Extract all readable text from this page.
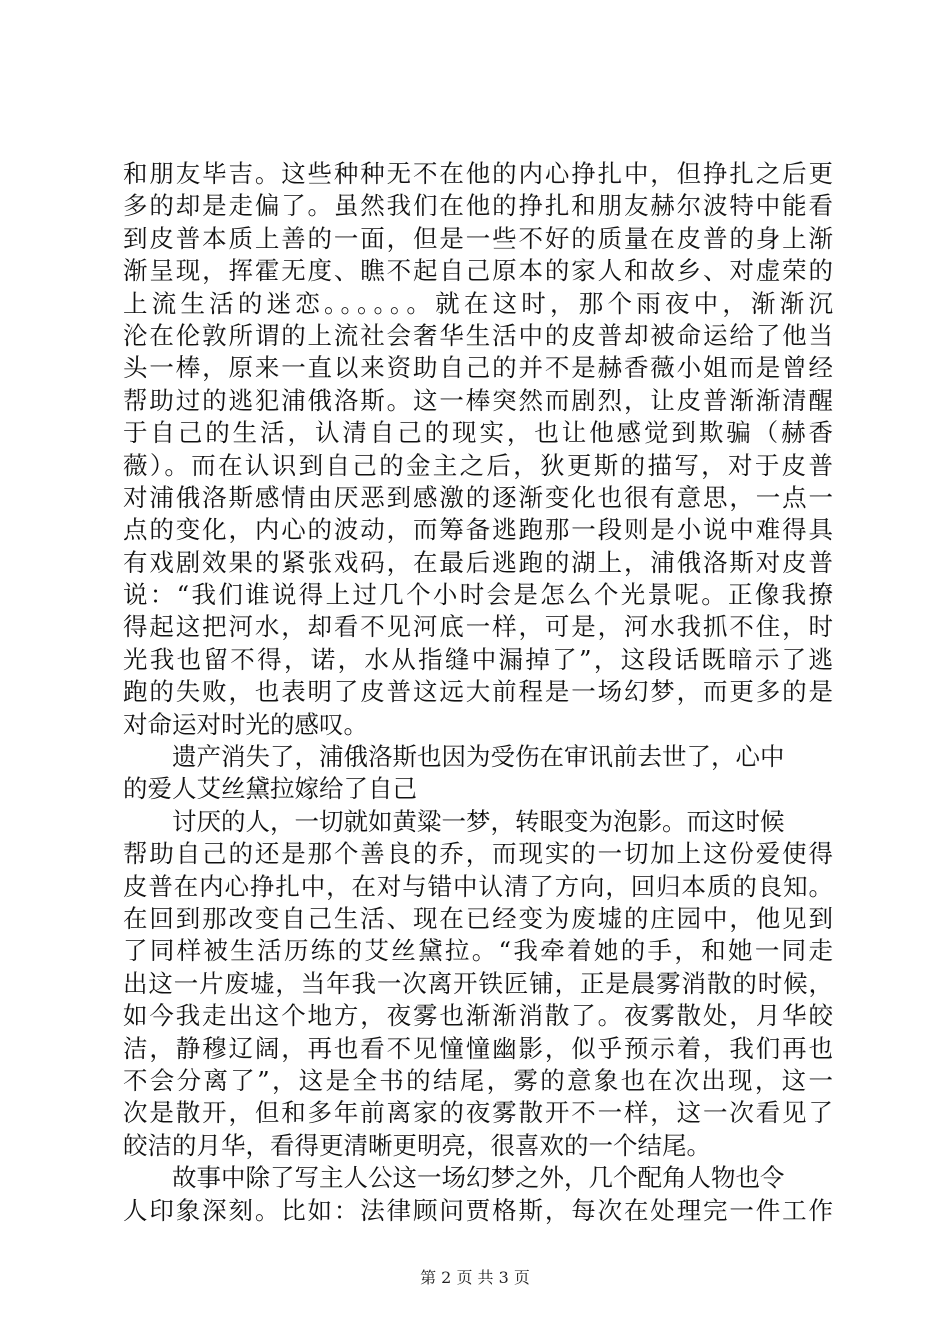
和朋友毕吉。这些种种无不在他的内心挣扎中，但挣扎之后更
多的却是走偏了。虽然我们在他的挣扎和朋友赫尔波特中能看
到皮普本质上善的一面，但是一些不好的质量在皮普的身上渐
渐呈现，挥霍无度、瞧不起自己原本的家人和故乡、对虚荣的
上流生活的迷恋。。。。。。就在这时，那个雨夜中，渐渐沉
沦在伦敦所谓的上流社会奢华生活中的皮普却被命运给了他当
头一棒，原来一直以来资助自己的并不是赫香薇小姐而是曾经
帮助过的逃犯浦俄洛斯。这一棒突然而剧烈，让皮普渐渐清醒
于自己的生活，认清自己的现实，也让他感觉到欺骗（赫香
薇）。而在认识到自己的金主之后，狄更斯的描写，对于皮普
对浦俄洛斯感情由厌恶到感激的逐渐变化也很有意思，一点一
点的变化，内心的波动，而筹备逃跑那一段则是小说中难得具
有戏剧效果的紧张戏码，在最后逃跑的湖上，浦俄洛斯对皮普
说：“我们谁说得上过几个小时会是怎么个光景呢。正像我撩
得起这把河水，却看不见河底一样，可是，河水我抓不住，时
光我也留不得，诺，水从指缝中漏掉了”，这段话既暗示了逃
跑的失败，也表明了皮普这远大前程是一场幻梦，而更多的是
对命运对时光的感叹。
遗产消失了，浦俄洛斯也因为受伤在审讯前去世了，心中
的爱人艾丝黛拉嫁给了自己
讨厌的人，一切就如黄粱一梦，转眼变为泡影。而这时候
帮助自己的还是那个善良的乔，而现实的一切加上这份爱使得
皮普在内心挣扎中，在对与错中认清了方向，回归本质的良知。
在回到那改变自己生活、现在已经变为废墟的庄园中，他见到
了同样被生活历练的艾丝黛拉。“我牵着她的手，和她一同走
出这一片废墟，当年我一次离开铁匠铺，正是晨雾消散的时候，
如今我走出这个地方，夜雾也渐渐消散了。夜雾散处，月华皎
洁，静穆辽阔，再也看不见憧憧幽影，似乎预示着，我们再也
不会分离了”，这是全书的结尾，雾的意象也在次出现，这一
次是散开，但和多年前离家的夜雾散开不一样，这一次看见了
皎洁的月华，看得更清晰更明亮，很喜欢的一个结尾。
故事中除了写主人公这一场幻梦之外，几个配角人物也令
人印象深刻。比如：法律顾问贾格斯，每次在处理完一件工作
第 2 页 共 3 页
